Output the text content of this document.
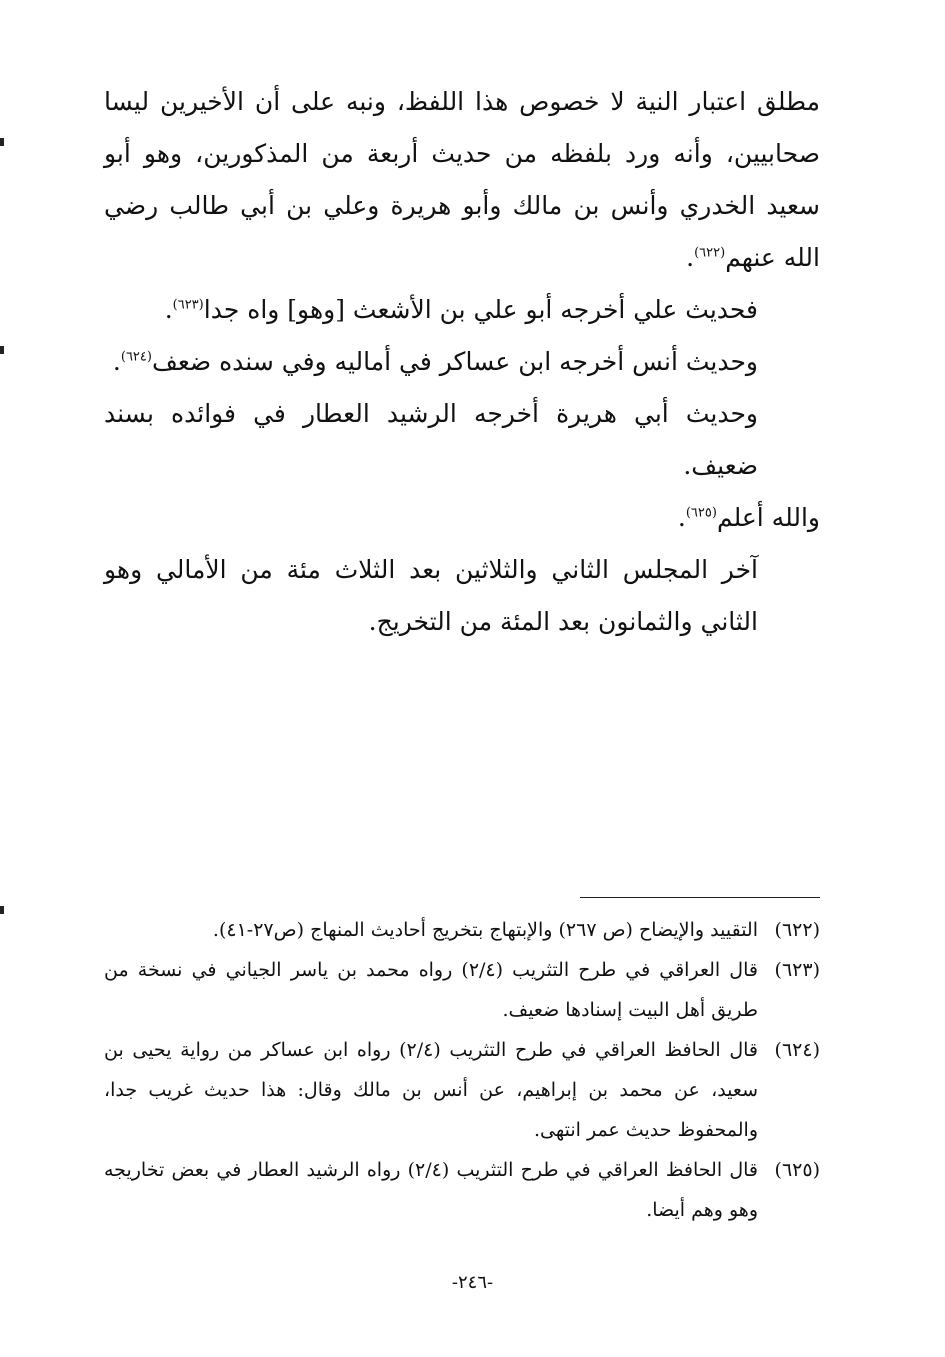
مطلق اعتبار النية لا خصوص هذا اللفظ، ونبه على أن الأخيرين ليسا صحابيين، وأنه ورد بلفظه من حديث أربعة من المذكورين، وهو أبو سعيد الخدري وأنس بن مالك وأبو هريرة وعلي بن أبي طالب رضي الله عنهم$^{(٦٢٢)}$.

فحديث علي أخرجه أبو علي بن الأشعث [وهو] واه جدا$^{(٦٢٣)}$.

وحديث أنس أخرجه ابن عساكر في أماليه وفي سنده ضعف$^{(٦٢٤)}$.

وحديث أبي هريرة أخرجه الرشيد العطار في فوائده بسند ضعيف.

والله أعلم$^{(٦٢٥)}$.

آخر المجلس الثاني والثلاثين بعد الثلاث مئة من الأمالي وهو الثاني والثمانون بعد المئة من التخريج.

(٦٢٢)
التقييد والإيضاح (ص ٢٦٧) والإبتهاج بتخريج أحاديث المنهاج (ص٢٧-٤١).
(٦٢٣)
قال العراقي في طرح التثريب (٢/٤) رواه محمد بن ياسر الجياني في نسخة من طريق أهل البيت إسنادها ضعيف.
(٦٢٤)
قال الحافظ العراقي في طرح التثريب (٢/٤) رواه ابن عساكر من رواية يحيى بن سعيد، عن محمد بن إبراهيم، عن أنس بن مالك وقال: هذا حديث غريب جدا، والمحفوظ حديث عمر انتهى.
(٦٢٥)
قال الحافظ العراقي في طرح التثريب (٢/٤) رواه الرشيد العطار في بعض تخاريجه وهو وهم أيضا.
-٢٤٦-
